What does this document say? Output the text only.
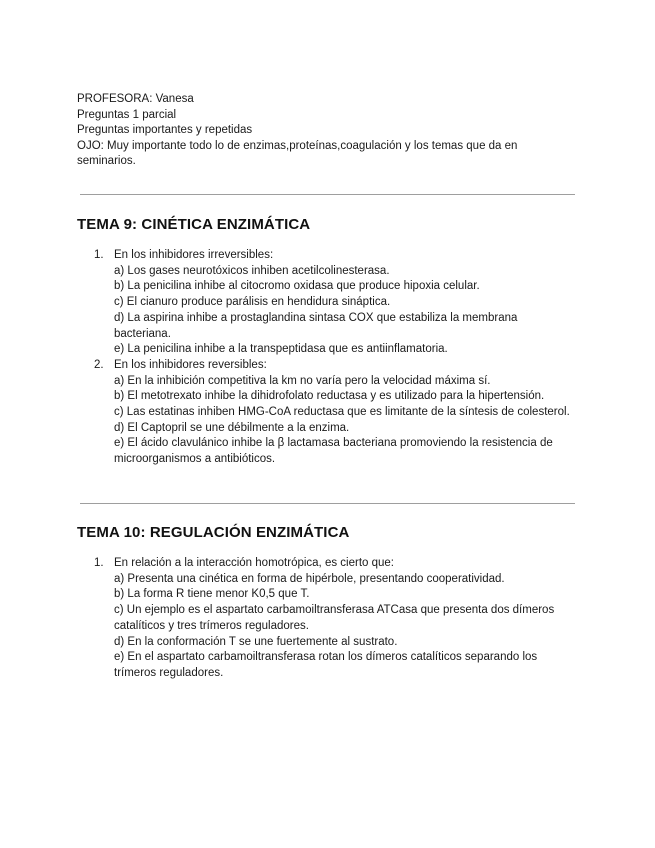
PROFESORA: Vanesa
Preguntas 1 parcial
Preguntas importantes y repetidas
OJO: Muy importante todo lo de enzimas,proteínas,coagulación y los temas que da en seminarios.
TEMA 9: CINÉTICA ENZIMÁTICA
1. En los inhibidores irreversibles:
a) Los gases neurotóxicos inhiben acetilcolinesterasa.
b) La penicilina inhibe al citocromo oxidasa que produce hipoxia celular.
c) El cianuro produce parálisis en hendidura sináptica.
d) La aspirina inhibe a prostaglandina sintasa COX que estabiliza la membrana bacteriana.
e) La penicilina inhibe a la transpeptidasa que es antiinflamatoria.
2. En los inhibidores reversibles:
a) En la inhibición competitiva la km no varía pero la velocidad máxima sí.
b) El metotrexato inhibe la dihidrofolato reductasa y es utilizado para la hipertensión.
c) Las estatinas inhiben HMG-CoA reductasa que es limitante de la síntesis de colesterol.
d) El Captopril se une débilmente a la enzima.
e) El ácido clavulánico inhibe la β lactamasa bacteriana promoviendo la resistencia de microorganismos a antibióticos.
TEMA 10: REGULACIÓN ENZIMÁTICA
1. En relación a la interacción homotrópica, es cierto que:
a) Presenta una cinética en forma de hipérbole, presentando cooperatividad.
b) La forma R tiene menor K0,5 que T.
c) Un ejemplo es el aspartato carbamoiltransferasa ATCasa que presenta dos dímeros catalíticos y tres trímeros reguladores.
d) En la conformación T se une fuertemente al sustrato.
e) En el aspartato carbamoiltransferasa rotan los dímeros catalíticos separando los trímeros reguladores.
